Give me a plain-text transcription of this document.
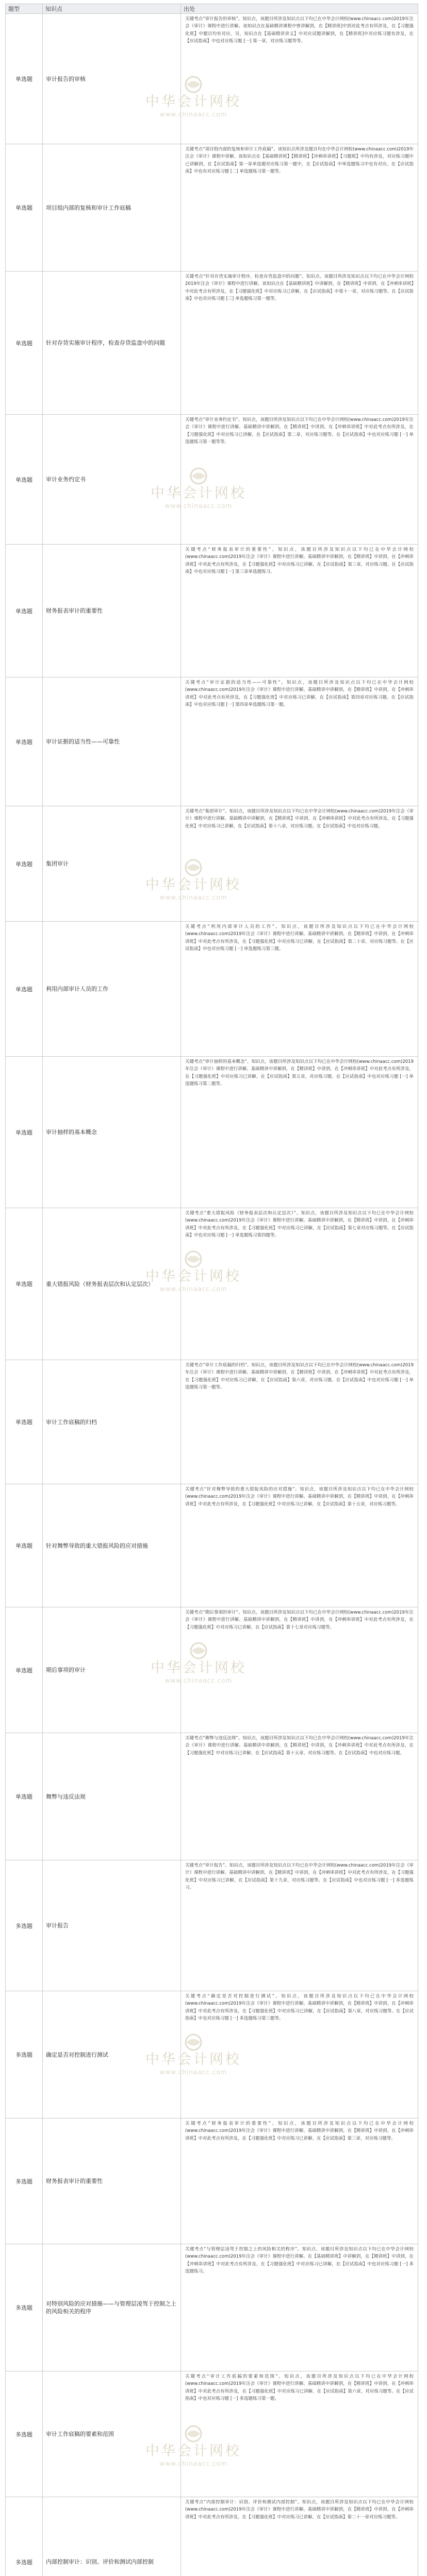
题型	知识点	出处
单选题	审计报告的审核	关键考点“审计报告的审核”。知识点，该题目所涉及知识点以下均已在中华会计网校(www.chinaacc.com)2019年注会《审计》课程中进行讲解。该知识点在基础精讲课程中曾讲解到，在【精讲班]中到对此考点有所涉及，在【习题强化班】中题目均有对应。另，知识点在【基础精讲讲义】中对应试题讲解到，在【精讲班]中对应练习题有涉及，在【应试指南】中也对应练习题 [一] 第一章，对应练习题等等。
单选题	项目组内部的复核和审计工作底稿	关键考点“项目组内部的复核和审计工作底稿”。该知识点所涉及题目均在中华会计网校(www.chinaacc.com)2019年注会《审计》课程中讲解，该知识点在【基础精讲班】【精讲班】【冲刺串讲班】【习题班】中均有涉及，对应练习题中已讲解到，在【应试指南】第一章单选题对应练习第一题中，在【应试指南】中单选题练习中也有对应。在【应试指南】中也有对应练习题 [二] 单选题练习第一题等。
单选题	针对存货实施审计程序，检查存货监盘中的问题	关键考点“针对存货实施审计程序，检查存货监盘中的问题”。知识点，该题目所涉及知识点以下均已在中华会计网校2019年注会《审计》课程中进行讲解。该知识点在【基础精讲班】中讲解到，在【精讲班】中讲到，在【冲刺串讲班】中对此考点有所涉及，在【习题强化班】中对应练习已讲解，在【应试指南】中第十一章，对应练习题等。在【应试指南】中也对应练习题 [三] 单选题练习第一题等。
单选题	审计业务约定书	关键考点“审计业务约定书”。知识点，该题目所涉及知识点以下均已在中华会计网校(www.chinaacc.com)2019年注会《审计》课程中进行讲解。基础精讲中讲解到，在【精讲班】中讲到，在【冲刺串讲班】中对此考点有所涉及，在【习题强化班】中对应练习已讲解，在【应试指南】第二章，对应练习题等。在【应试指南】中也对应练习题 [一] 单选题练习第一题等等。
单选题	财务报表审计的重要性	关键考点“财务报表审计的重要性”。知识点，该题目所涉及知识点以下均已在中华会计网校(www.chinaacc.com)2019年注会《审计》课程中进行讲解。基础精讲中讲解到，在【精讲班】中讲到，在【冲刺串讲班】中对此考点有所涉及，在【习题强化班】中对应练习已讲解，在【应试指南】第三章，对应练习题。在【应试指南】中也对应练习题 [一] 第三章单选题练习。
单选题	审计证据的适当性——可靠性	关键考点“审计证据的适当性——可靠性”。知识点，该题目所涉及知识点以下均已在中华会计网校(www.chinaacc.com)2019年注会《审计》课程中进行讲解。基础精讲中讲解到，在【精讲班】中讲到，在【冲刺串讲班】中对此考点有所涉及，在【习题强化班】中对应练习已讲解，在【应试指南】第四章对应练习题。在【应试指南】中也对应练习题 [一] 第四章单选题练习第一题。
单选题	集团审计	关键考点“集团审计”。知识点，该题目所涉及知识点以下均已在中华会计网校(www.chinaacc.com)2019年注会《审计》课程中进行讲解。基础精讲中讲解到，在【精讲班】中讲到，在【冲刺串讲班】中对此考点有所涉及，在【习题强化班】中对应练习已讲解，在【应试指南】第十八章，对应练习题。在【应试指南】中也对应练习题。
单选题	利用内部审计人员的工作	关键考点“利用内部审计人员的工作”。知识点，该题目所涉及知识点以下均已在中华会计网校(www.chinaacc.com)2019年注会《审计》课程中进行讲解。基础精讲中讲解到，在【精讲班】中讲到，在【冲刺串讲班】中对此考点有所涉及，在【习题强化班】中对应练习已讲解，在【应试指南】第二十章，对应练习题等。在【应试指南】中也对应练习题 [一] 单选题练习第三题。
单选题	审计抽样的基本概念	关键考点“审计抽样的基本概念”。知识点，该题目所涉及知识点以下均已在中华会计网校(www.chinaacc.com)2019年注会《审计》课程中进行讲解。基础精讲中讲解到，在【精讲班】中讲到，在【冲刺串讲班】中对此考点有所涉及，在【习题强化班】中对应练习已讲解，在【应试指南】第五章，对应练习题。在【应试指南】中也对应练习题 [一] 单选题练习第二题等。
单选题	重大错报风险（财务报表层次和认定层次）	关键考点“重大错报风险（财务报表层次和认定层次）”。知识点，该题目所涉及知识点以下均已在中华会计网校(www.chinaacc.com)2019年注会《审计》课程中进行讲解。基础精讲中讲解到，在【精讲班】中讲到，在【冲刺串讲班】中对此考点有所涉及，在【习题强化班】中对应练习已讲解，在【应试指南】第七章对应练习题等。在【应试指南】中也对应练习题 [一] 单选题练习第四题等。
单选题	审计工作底稿的归档	关键考点“审计工作底稿的归档”。知识点，该题目所涉及知识点以下均已在中华会计网校(www.chinaacc.com)2019年注会《审计》课程中进行讲解。基础精讲中讲解到，在【精讲班】中讲到，在【冲刺串讲班】中对此考点有所涉及，在【习题强化班】中对应练习已讲解，在【应试指南】第六章，对应练习题。在【应试指南】中也对应练习题 [一] 单选题练习第一题等。
单选题	针对舞弊导致的重大错报风险的应对措施	关键考点“针对舞弊导致的重大错报风险的应对措施”。知识点，该题目所涉及知识点以下均已在中华会计网校(www.chinaacc.com)2019年注会《审计》课程中进行讲解。基础精讲中讲解到，在【精讲班】中讲到，在【冲刺串讲班】中对此考点有所涉及，在【习题强化班】中对应练习已讲解，在【应试指南】第十五章，对应练习题等。
单选题	期后事项的审计	关键考点“期后事项的审计”。知识点，该题目所涉及知识点以下均已在中华会计网校(www.chinaacc.com)2019年注会《审计》课程中进行讲解。基础精讲中讲解到，在【精讲班】中讲到，在【冲刺串讲班】中对此考点有所涉及，在【习题强化班】中对应练习已讲解，在【应试指南】第十七章对应练习题等。
单选题	舞弊与违反法规	关键考点“舞弊与违反法规”。知识点，该题目所涉及知识点以下均已在中华会计网校(www.chinaacc.com)2019年注会《审计》课程中进行讲解。基础精讲中讲解到，在【精讲班】中讲到，在【冲刺串讲班】中对此考点有所涉及，在【习题强化班】中对应练习已讲解，在【应试指南】第十五章，对应练习题等。在【应试指南】中也对应练习题。
多选题	审计报告	关键考点“审计报告”。知识点，该题目所涉及知识点以下均已在中华会计网校(www.chinaacc.com)2019年注会《审计》课程中进行讲解。基础精讲中讲解到，在【精讲班】中讲到，在【冲刺串讲班】中对此考点有所涉及，在【习题强化班】中对应练习已讲解，在【应试指南】第十九章，对应练习题等。在【应试指南】中也对应练习题 [一] 多选题练习。
多选题	确定是否对控制进行测试	关键考点“确定是否对控制进行测试”。知识点，该题目所涉及知识点以下均已在中华会计网校(www.chinaacc.com)2019年注会《审计》课程中进行讲解。基础精讲中讲解到，在【精讲班】中讲到，在【冲刺串讲班】中对此考点有所涉及，在【习题强化班】中对应练习已讲解，在【应试指南】第八章，对应练习题等。在【应试指南】中也对应练习题 [一] 多选题练习第三题等。
多选题	财务报表审计的重要性	关键考点“财务报表审计的重要性”。知识点，该题目所涉及知识点以下均已在中华会计网校(www.chinaacc.com)2019年注会《审计》课程中进行讲解。基础精讲中讲解到，在【精讲班】中讲到，在【冲刺串讲班】中对此考点有所涉及，在【习题强化班】中对应练习已讲解，在【应试指南】第三章，对应练习题等。
多选题	对特别风险的应对措施——与管理层凌驾于控制之上的风险相关的程序	关键考点“与管理层凌驾于控制之上的风险相关的程序”。知识点，该题目所涉及知识点以下均已在中华会计网校(www.chinaacc.com)2019年注会《审计》课程中进行讲解。在【基础精讲班】中讲解到，在【精讲班】中讲到，在【冲刺串讲班】中对此考点有所涉及，在【习题强化班】中对应练习已讲解，在【应试指南】中也对应练习题 [一] 多选题练习。
多选题	审计工作底稿的要素和范围	关键考点“审计工作底稿的要素和范围”。知识点，该题目所涉及知识点以下均已在中华会计网校(www.chinaacc.com)2019年注会《审计》课程中进行讲解。基础精讲中讲解到，在【精讲班】中讲到，在【冲刺串讲班】中对此考点有所涉及，在【习题强化班】中对应练习已讲解，在【应试指南】第六章，对应练习题等。在【应试指南】中也对应练习题 [一] 多选题练习第一题。
多选题	内部控制审计：识别、评价和测试内部控制	关键考点“内部控制审计：识别、评价和测试内部控制”。知识点，该题目所涉及知识点以下均已在中华会计网校(www.chinaacc.com)2019年注会《审计》课程中进行讲解。基础精讲中讲解到，在【精讲班】中讲到，在【冲刺串讲班】中对此考点有所涉及，在【习题强化班】中对应练习已讲解，在【应试指南】第二十一章对应练习题等。

中华会计网校
www.chinaacc.com
中华会计网校
www.chinaacc.com
中华会计网校
www.chinaacc.com
中华会计网校
www.chinaacc.com
中华会计网校
www.chinaacc.com
中华会计网校
www.chinaacc.com
中华会计网校
www.chinaacc.com
